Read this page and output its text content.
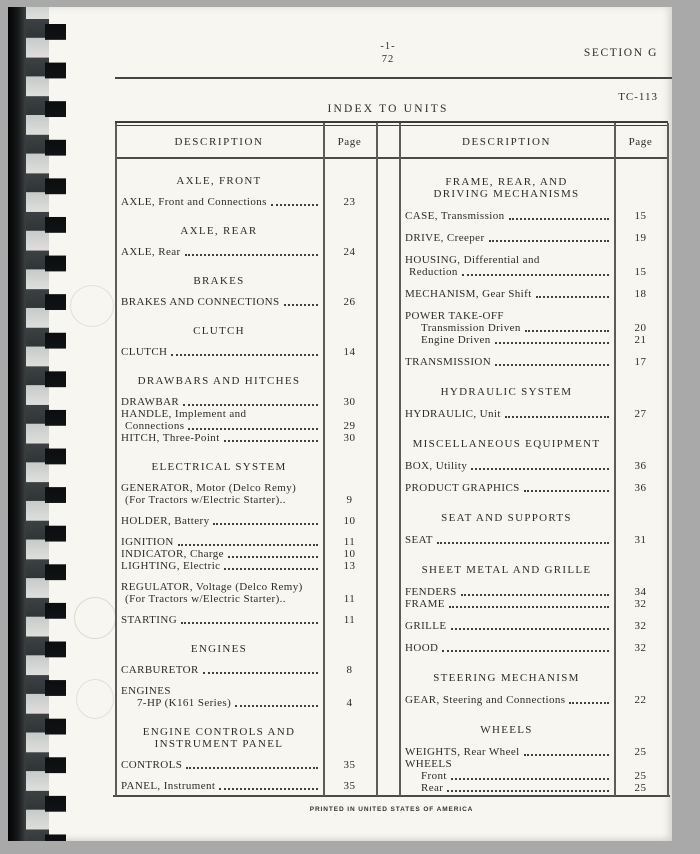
-1-
72
SECTION G
TC-113
INDEX TO UNITS
DESCRIPTION	Page	DESCRIPTION	Page
AXLE, FRONT
AXLE, Front and Connections	23
AXLE, REAR
AXLE, Rear	24
BRAKES
BRAKES AND CONNECTIONS	26
CLUTCH
CLUTCH	14
DRAWBARS AND HITCHES
DRAWBAR	30
HANDLE, Implement and
Connections	29
HITCH, Three-Point	30
ELECTRICAL SYSTEM
GENERATOR, Motor (Delco Remy)
(For Tractors w/Electric Starter)..	9
HOLDER, Battery	10
IGNITION	11
INDICATOR, Charge	10
LIGHTING, Electric	13
REGULATOR, Voltage (Delco Remy)
(For Tractors w/Electric Starter)..	11
STARTING	11
ENGINES
CARBURETOR	8
ENGINES
7-HP (K161 Series)	4
ENGINE CONTROLS AND
INSTRUMENT PANEL
CONTROLS	35
PANEL, Instrument	35
FRAME, REAR, AND
DRIVING MECHANISMS
CASE, Transmission	15
DRIVE, Creeper	19
HOUSING, Differential and
Reduction	15
MECHANISM, Gear Shift	18
POWER TAKE-OFF
Transmission Driven	20
Engine Driven	21
TRANSMISSION	17
HYDRAULIC SYSTEM
HYDRAULIC, Unit	27
MISCELLANEOUS EQUIPMENT
BOX, Utility	36
PRODUCT GRAPHICS	36
SEAT AND SUPPORTS
SEAT	31
SHEET METAL AND GRILLE
FENDERS	34
FRAME	32
GRILLE	32
HOOD	32
STEERING MECHANISM
GEAR, Steering and Connections	22
WHEELS
WEIGHTS, Rear Wheel	25
WHEELS
Front	25
Rear	25
PRINTED IN UNITED STATES OF AMERICA
